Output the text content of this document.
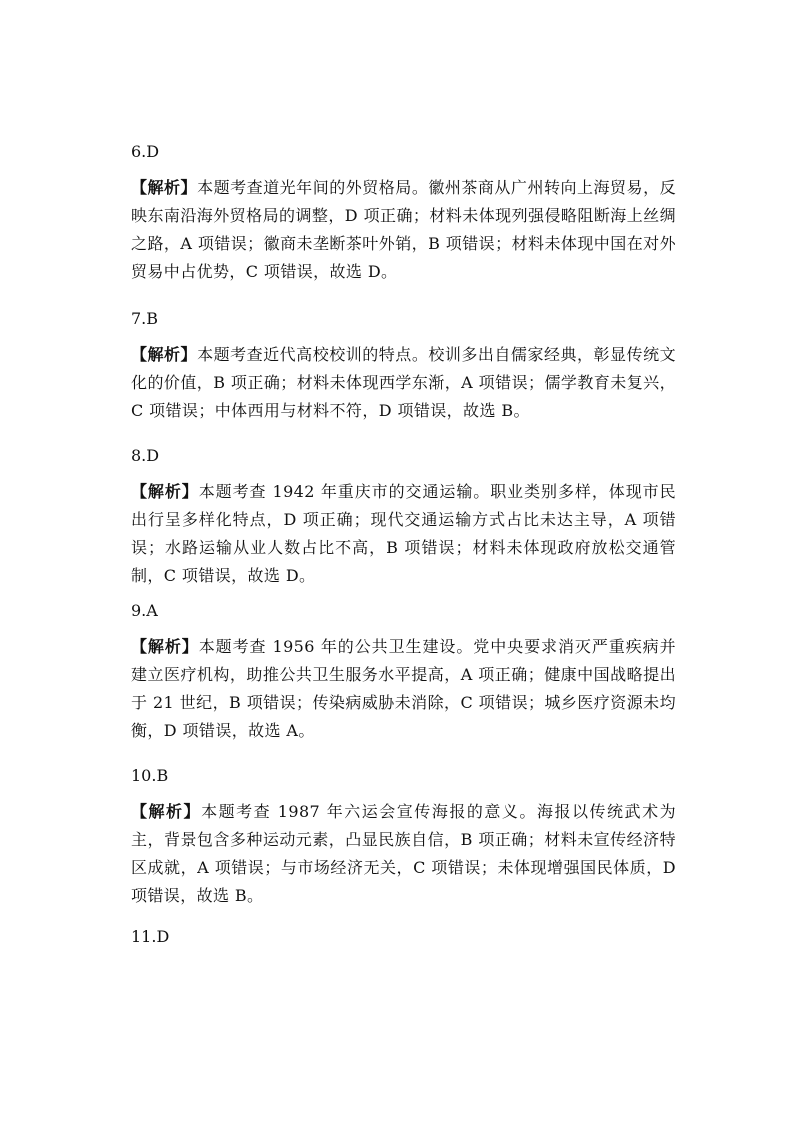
6.D
【解析】本题考查道光年间的外贸格局。徽州茶商从广州转向上海贸易，反映东南沿海外贸格局的调整，D 项正确；材料未体现列强侵略阻断海上丝绸之路，A 项错误；徽商未垄断茶叶外销，B 项错误；材料未体现中国在对外贸易中占优势，C 项错误，故选 D。
7.B
【解析】本题考查近代高校校训的特点。校训多出自儒家经典，彰显传统文化的价值，B 项正确；材料未体现西学东渐，A 项错误；儒学教育未复兴，C 项错误；中体西用与材料不符，D 项错误，故选 B。
8.D
【解析】本题考查 1942 年重庆市的交通运输。职业类别多样，体现市民出行呈多样化特点，D 项正确；现代交通运输方式占比未达主导，A 项错误；水路运输从业人数占比不高，B 项错误；材料未体现政府放松交通管制，C 项错误，故选 D。
9.A
【解析】本题考查 1956 年的公共卫生建设。党中央要求消灭严重疾病并建立医疗机构，助推公共卫生服务水平提高，A 项正确；健康中国战略提出于 21 世纪，B 项错误；传染病威胁未消除，C 项错误；城乡医疗资源未均衡，D 项错误，故选 A。
10.B
【解析】本题考查 1987 年六运会宣传海报的意义。海报以传统武术为主，背景包含多种运动元素，凸显民族自信，B 项正确；材料未宣传经济特区成就，A 项错误；与市场经济无关，C 项错误；未体现增强国民体质，D 项错误，故选 B。
11.D
